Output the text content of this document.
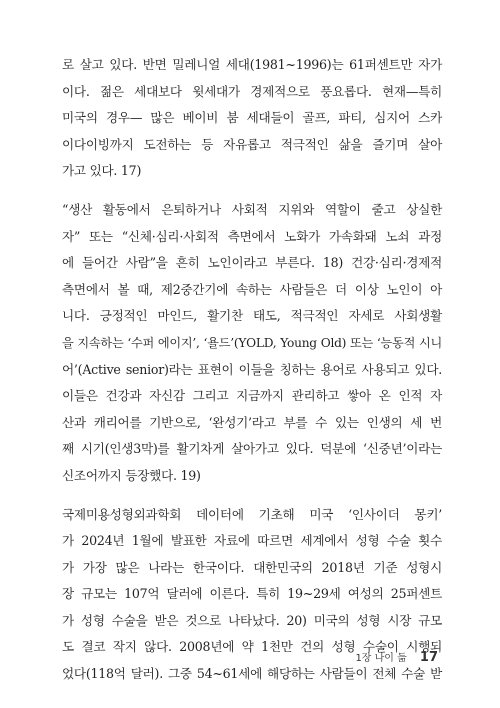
로 살고 있다. 반면 밀레니얼 세대(1981~1996)는 61퍼센트만 자가
이다. 젊은 세대보다 윗세대가 경제적으로 풍요롭다. 현재—특히
미국의 경우— 많은 베이비 붐 세대들이 골프, 파티, 심지어 스카
이다이빙까지 도전하는 등 자유롭고 적극적인 삶을 즐기며 살아
가고 있다. 17)
“생산 활동에서 은퇴하거나 사회적 지위와 역할이 줄고 상실한
자” 또는 “신체·심리·사회적 측면에서 노화가 가속화돼 노쇠 과정
에 들어간 사람”을 흔히 노인이라고 부른다. 18) 건강·심리·경제적
측면에서 볼 때, 제2중간기에 속하는 사람들은 더 이상 노인이 아
니다. 긍정적인 마인드, 활기찬 태도, 적극적인 자세로 사회생활
을 지속하는 ‘수퍼 에이지’, ‘욜드’(YOLD, Young Old) 또는 ‘능동적 시니
어’(Active senior)라는 표현이 이들을 칭하는 용어로 사용되고 있다.
이들은 건강과 자신감 그리고 지금까지 관리하고 쌓아 온 인적 자
산과 캐리어를 기반으로, ‘완성기’라고 부를 수 있는 인생의 세 번
째 시기(인생3막)를 활기차게 살아가고 있다. 덕분에 ‘신중년’이라는
신조어까지 등장했다. 19)
국제미용성형외과학회 데이터에 기초해 미국 ‘인사이더 몽키’
가 2024년 1월에 발표한 자료에 따르면 세계에서 성형 수술 횟수
가 가장 많은 나라는 한국이다. 대한민국의 2018년 기준 성형시
장 규모는 107억 달러에 이른다. 특히 19~29세 여성의 25퍼센트
가 성형 수술을 받은 것으로 나타났다. 20) 미국의 성형 시장 규모
도 결코 작지 않다. 2008년에 약 1천만 건의 성형 수술이 시행되
었다(118억 달러). 그중 54~61세에 해당하는 사람들이 전체 수술 받
1장 나이 듦 17
